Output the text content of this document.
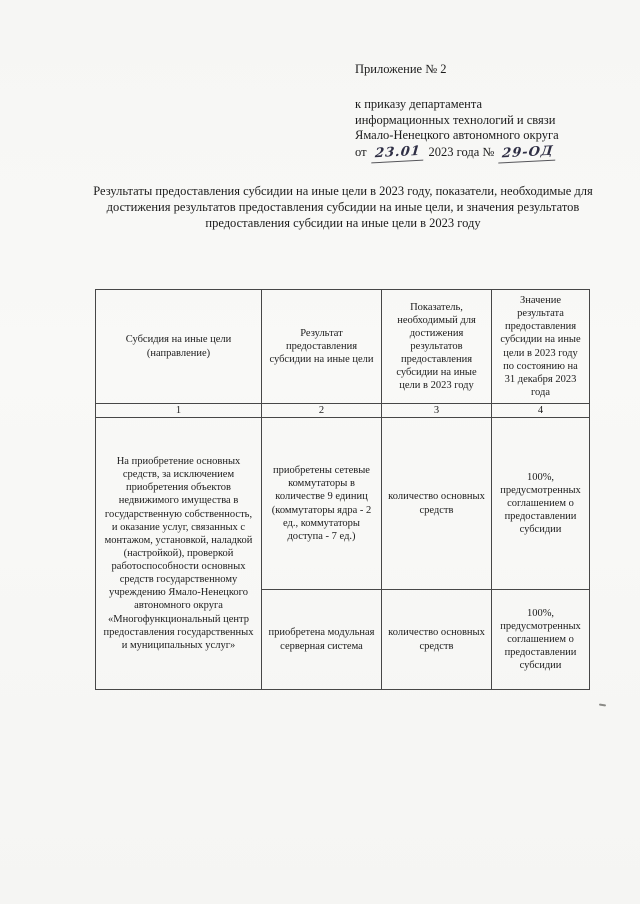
Приложение № 2
к приказу департамента
информационных технологий и связи
Ямало-Ненецкого автономного округа
от 23.01 2023 года № 29-ОД
Результаты предоставления субсидии на иные цели в 2023 году, показатели, необходимые для достижения результатов предоставления субсидии на иные цели, и значения результатов предоставления субсидии на иные цели в 2023 году
Субсидия на иные цели (направление)	Результат предоставления субсидии на иные цели	Показатель, необходимый для достижения результатов предоставления субсидии на иные цели в 2023 году	Значение результата предоставления субсидии на иные цели в 2023 году по состоянию на 31 декабря 2023 года
1	2	3	4
На приобретение основных средств, за исключением приобретения объектов недвижимого имущества в государственную собственность, и оказание услуг, связанных с монтажом, установкой, наладкой (настройкой), проверкой работоспособности основных средств государственному учреждению Ямало-Ненецкого автономного округа «Многофункциональный центр предоставления государственных и муниципальных услуг»	приобретены сетевые коммутаторы в количестве 9 единиц (коммутаторы ядра - 2 ед., коммутаторы доступа - 7 ед.)	количество основных средств	100%, предусмотренных соглашением о предоставлении субсидии
	приобретена модульная серверная система	количество основных средств	100%, предусмотренных соглашением о предоставлении субсидии
